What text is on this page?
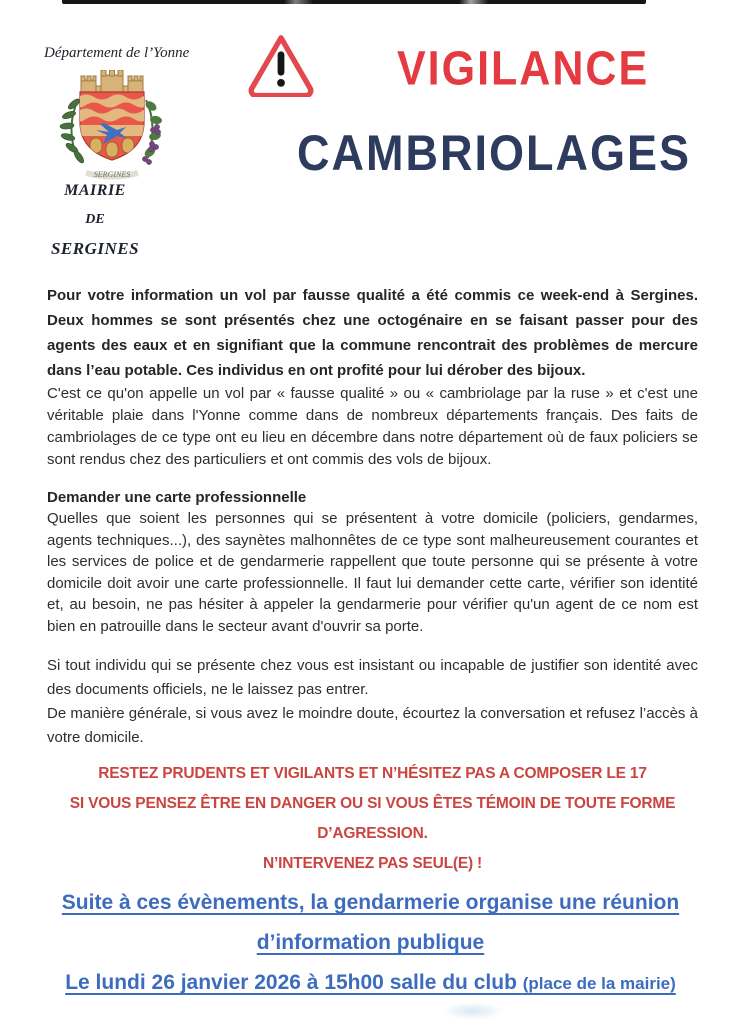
Département de l’Yonne
SERGINES
MAIRIE
DE
SERGINES
VIGILANCE
CAMBRIOLAGES

Pour votre information un vol par fausse qualité a été commis ce week-end à Sergines. Deux hommes se sont présentés chez une octogénaire en se faisant passer pour des agents des eaux et en signifiant que la commune rencontrait des problèmes de mercure dans l’eau potable. Ces individus en ont profité pour lui dérober des bijoux.

C'est ce qu'on appelle un vol par « fausse qualité » ou « cambriolage par la ruse » et c'est une véritable plaie dans l'Yonne comme dans de nombreux départements français. Des faits de cambriolages de ce type ont eu lieu en décembre dans notre département où de faux policiers se sont rendus chez des particuliers et ont commis des vols de bijoux.

Demander une carte professionnelle

Quelles que soient les personnes qui se présentent à votre domicile (policiers, gendarmes, agents techniques...), des saynètes malhonnêtes de ce type sont malheureusement courantes et les services de police et de gendarmerie rappellent que toute personne qui se présente à votre domicile doit avoir une carte professionnelle. Il faut lui demander cette carte, vérifier son identité et, au besoin, ne pas hésiter à appeler la gendarmerie pour vérifier qu'un agent de ce nom est bien en patrouille dans le secteur avant d'ouvrir sa porte.

Si tout individu qui se présente chez vous est insistant ou incapable de justifier son identité avec des documents officiels, ne le laissez pas entrer.

De manière générale, si vous avez le moindre doute, écourtez la conversation et refusez l’accès à votre domicile.

RESTEZ PRUDENTS ET VIGILANTS ET N’HÉSITEZ PAS A COMPOSER LE 17
SI VOUS PENSEZ ÊTRE EN DANGER OU SI VOUS ÊTES TÉMOIN DE TOUTE FORME
D’AGRESSION.
N’INTERVENEZ PAS SEUL(E) !
Suite à ces évènements, la gendarmerie organise une réunion
d’information publique
Le lundi 26 janvier 2026 à 15h00 salle du club (place de la mairie)
